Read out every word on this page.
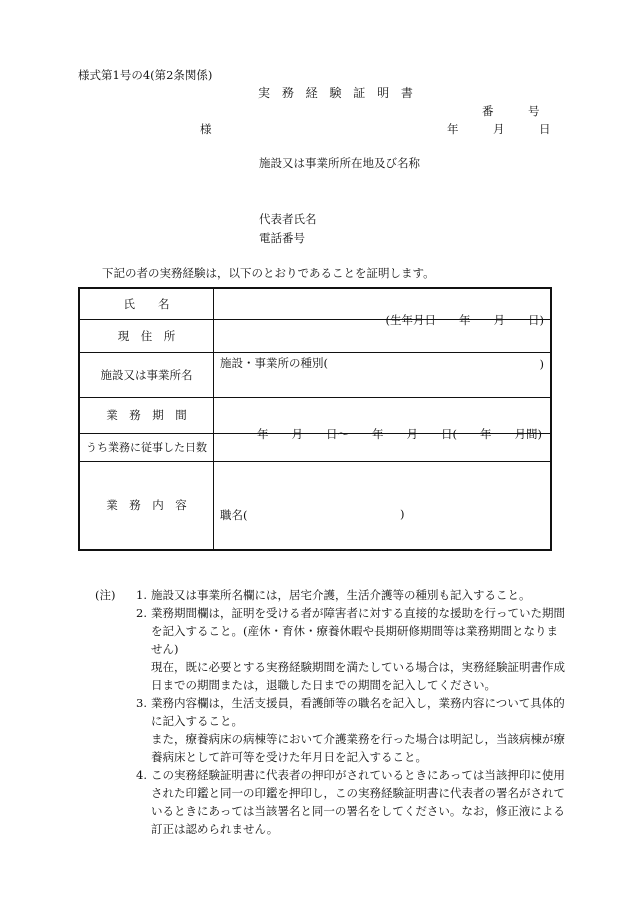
様式第1号の4(第2条関係)
実 務 経 験 証 明 書
番　　　号
様	年　　　月　　　日
施設又は事業所所在地及び名称
代表者氏名
電話番号
下記の者の実務経験は，以下のとおりであることを証明します。
氏　　名	(生年月日　　年　　月　　日)

現　住　所	
施設又は事業所名	施設・事業所の種別( )

業　務　期　間	年　　月　　日～　　年　　月　　日(　　年　　月間)

うち業務に従事した日数	
業　務　内　容	職名( )
(注) 1. 施設又は事業所名欄には，居宅介護，生活介護等の種別も記入すること。

2. 業務期間欄は，証明を受ける者が障害者に対する直接的な援助を行っていた期間を記入すること。(産休・育休・療養休暇や長期研修期間等は業務期間となりません)

現在，既に必要とする実務経験期間を満たしている場合は，実務経験証明書作成日までの期間または，退職した日までの期間を記入してください。

3. 業務内容欄は，生活支援員，看護師等の職名を記入し，業務内容について具体的に記入すること。

また，療養病床の病棟等において介護業務を行った場合は明記し，当該病棟が療養病床として許可等を受けた年月日を記入すること。

4. この実務経験証明書に代表者の押印がされているときにあっては当該押印に使用された印鑑と同一の印鑑を押印し，この実務経験証明書に代表者の署名がされているときにあっては当該署名と同一の署名をしてください。なお，修正液による訂正は認められません。
